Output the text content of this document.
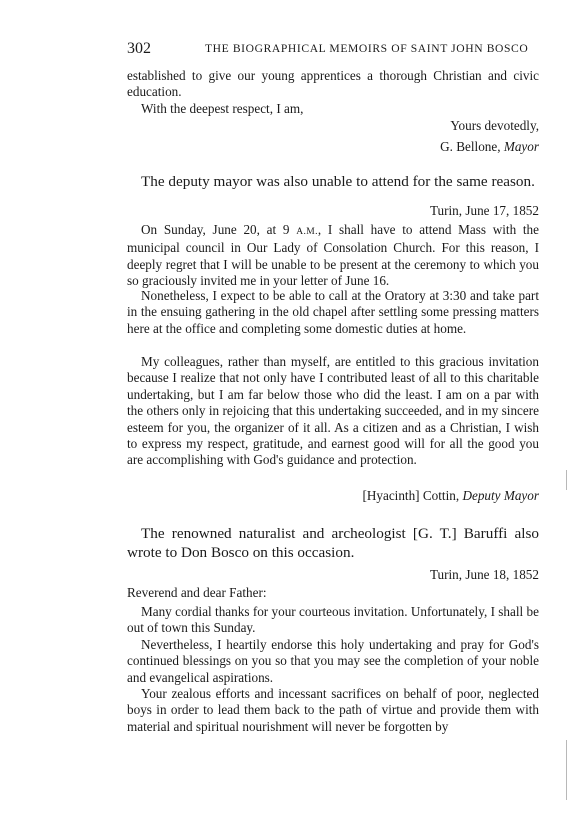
302	THE BIOGRAPHICAL MEMOIRS OF SAINT JOHN BOSCO
established to give our young apprentices a thorough Christian and civic education.
With the deepest respect, I am,
Yours devotedly,
G. Bellone, Mayor
The deputy mayor was also unable to attend for the same reason.
Turin, June 17, 1852
On Sunday, June 20, at 9 A.M., I shall have to attend Mass with the municipal council in Our Lady of Consolation Church. For this reason, I deeply regret that I will be unable to be present at the ceremony to which you so graciously invited me in your letter of June 16.
Nonetheless, I expect to be able to call at the Oratory at 3:30 and take part in the ensuing gathering in the old chapel after settling some pressing matters here at the office and completing some domestic duties at home.
My colleagues, rather than myself, are entitled to this gracious invitation because I realize that not only have I contributed least of all to this charitable undertaking, but I am far below those who did the least. I am on a par with the others only in rejoicing that this undertaking succeeded, and in my sincere esteem for you, the organizer of it all. As a citizen and as a Christian, I wish to express my respect, gratitude, and earnest good will for all the good you are accomplishing with God's guidance and protection.
[Hyacinth] Cottin, Deputy Mayor
The renowned naturalist and archeologist [G. T.] Baruffi also wrote to Don Bosco on this occasion.
Turin, June 18, 1852
Reverend and dear Father:
Many cordial thanks for your courteous invitation. Unfortunately, I shall be out of town this Sunday.
Nevertheless, I heartily endorse this holy undertaking and pray for God's continued blessings on you so that you may see the completion of your noble and evangelical aspirations.
Your zealous efforts and incessant sacrifices on behalf of poor, neglected boys in order to lead them back to the path of virtue and provide them with material and spiritual nourishment will never be forgotten by
